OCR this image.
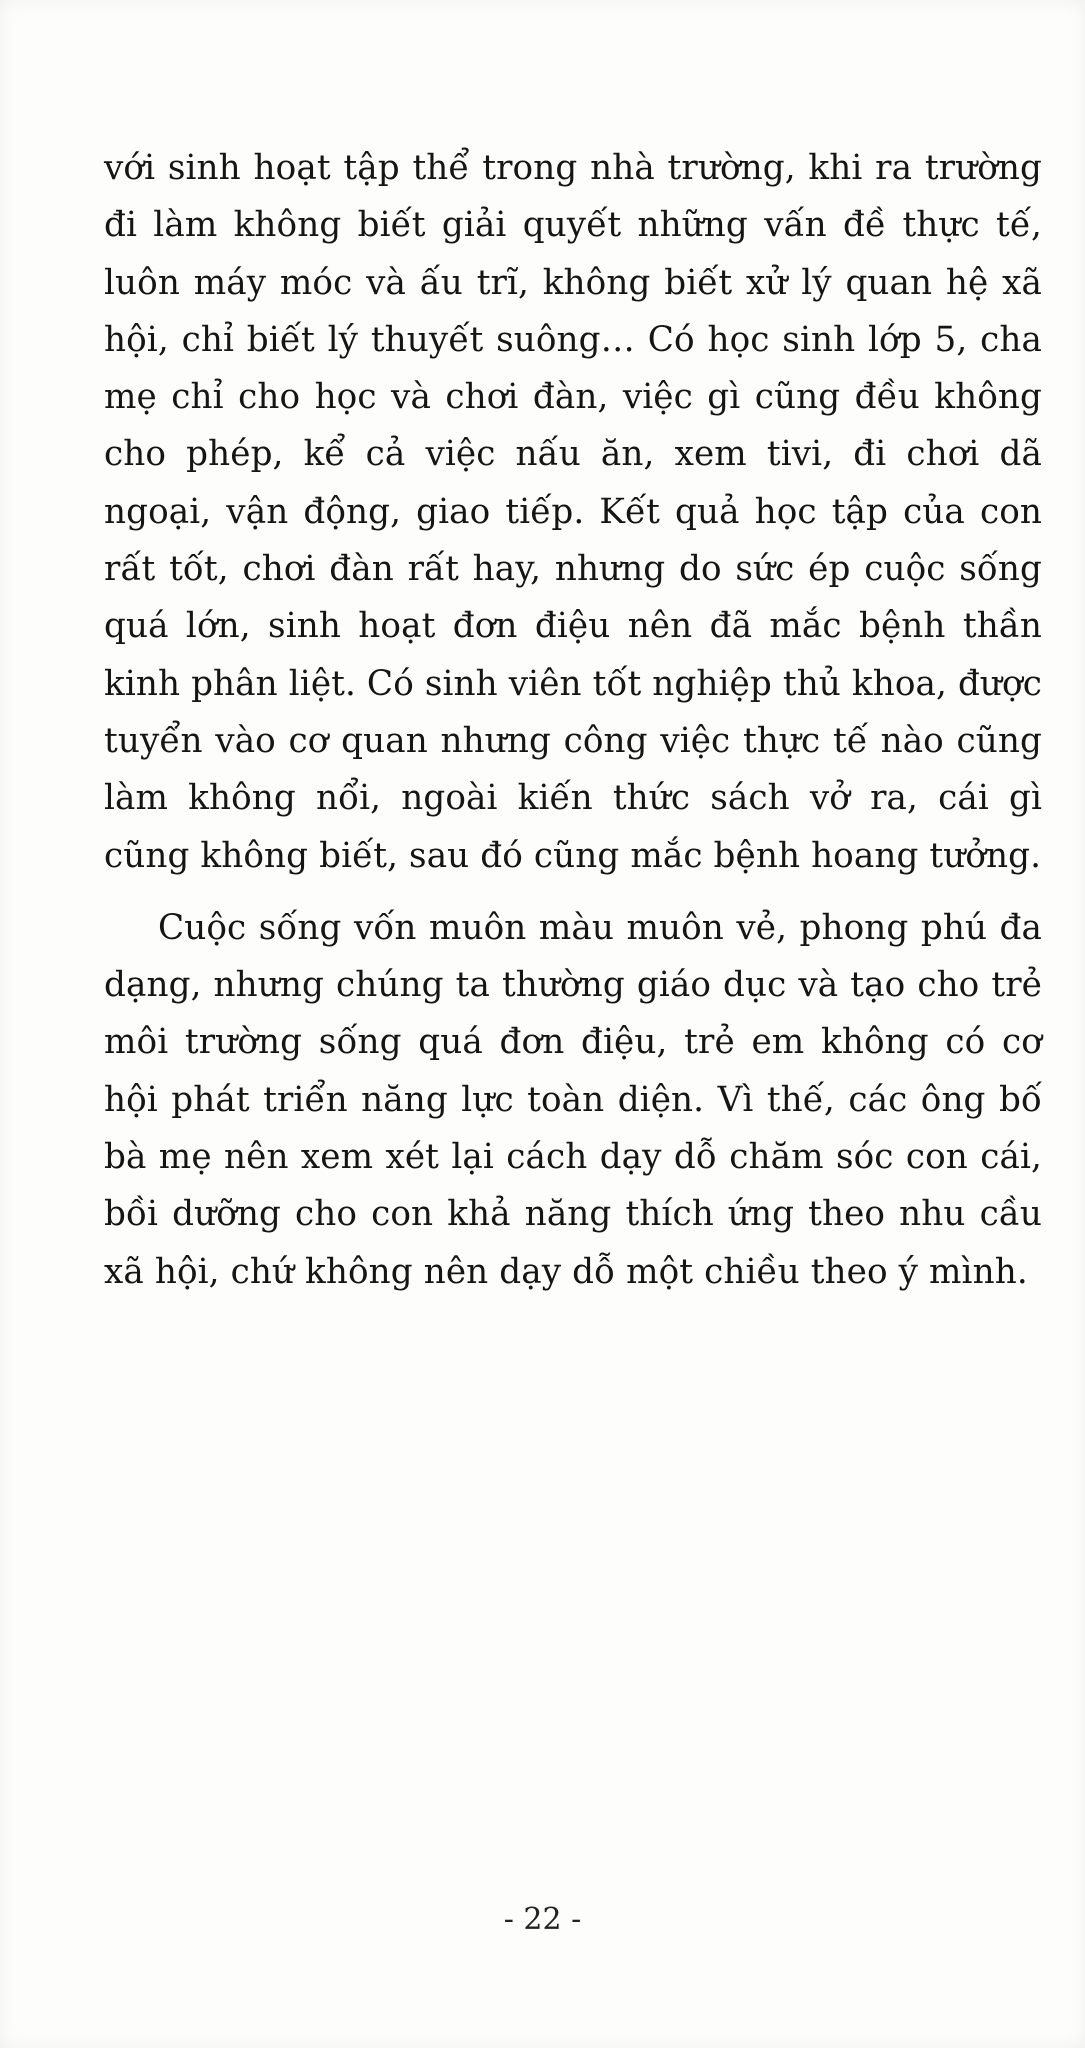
với sinh hoạt tập thể trong nhà trường, khi ra trường đi làm không biết giải quyết những vấn đề thực tế, luôn máy móc và ấu trĩ, không biết xử lý quan hệ xã hội, chỉ biết lý thuyết suông… Có học sinh lớp 5, cha mẹ chỉ cho học và chơi đàn, việc gì cũng đều không cho phép, kể cả việc nấu ăn, xem tivi, đi chơi dã ngoại, vận động, giao tiếp. Kết quả học tập của con rất tốt, chơi đàn rất hay, nhưng do sức ép cuộc sống quá lớn, sinh hoạt đơn điệu nên đã mắc bệnh thần kinh phân liệt. Có sinh viên tốt nghiệp thủ khoa, được tuyển vào cơ quan nhưng công việc thực tế nào cũng làm không nổi, ngoài kiến thức sách vở ra, cái gì cũng không biết, sau đó cũng mắc bệnh hoang tưởng.

Cuộc sống vốn muôn màu muôn vẻ, phong phú đa dạng, nhưng chúng ta thường giáo dục và tạo cho trẻ môi trường sống quá đơn điệu, trẻ em không có cơ hội phát triển năng lực toàn diện. Vì thế, các ông bố bà mẹ nên xem xét lại cách dạy dỗ chăm sóc con cái, bồi dưỡng cho con khả năng thích ứng theo nhu cầu xã hội, chứ không nên dạy dỗ một chiều theo ý mình.

- 22 -
